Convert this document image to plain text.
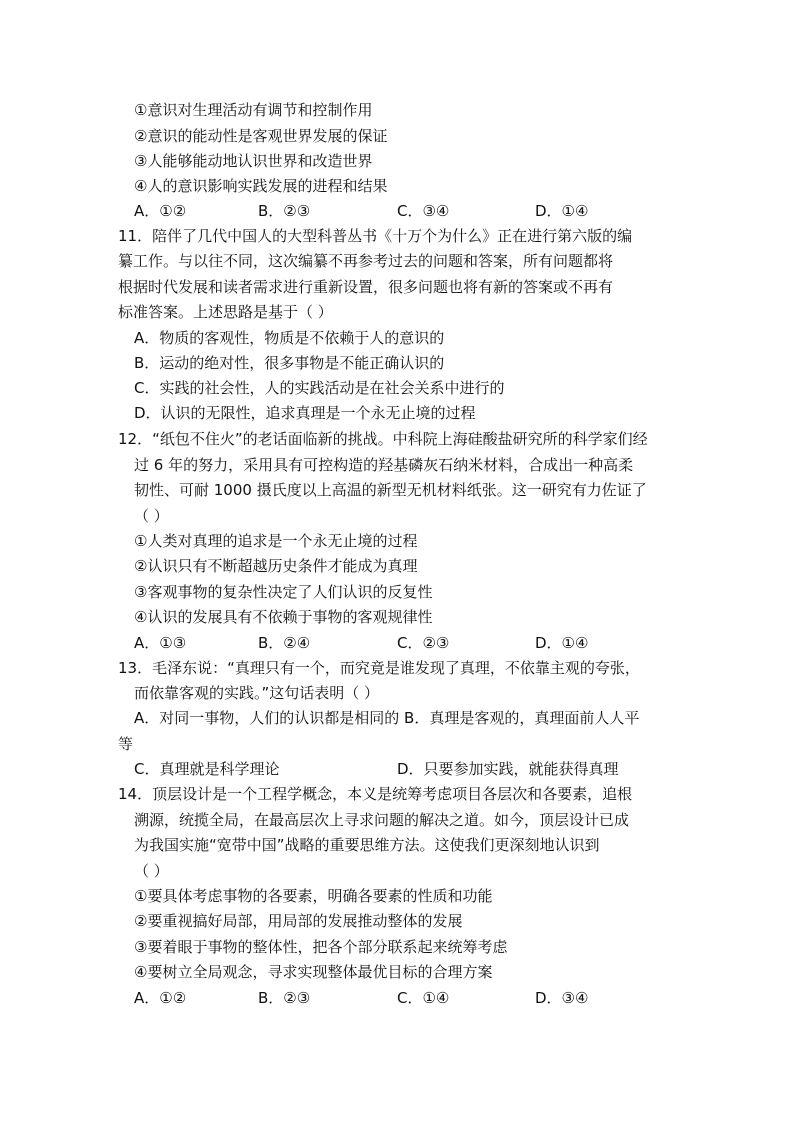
①意识对生理活动有调节和控制作用
②意识的能动性是客观世界发展的保证
③人能够能动地认识世界和改造世界
④人的意识影响实践发展的进程和结果
A．①②	B．②③	C．③④	D．①④
11．陪伴了几代中国人的大型科普丛书《十万个为什么》正在进行第六版的编
纂工作。与以往不同，这次编纂不再参考过去的问题和答案，所有问题都将
根据时代发展和读者需求进行重新设置，很多问题也将有新的答案或不再有
标准答案。上述思路是基于（ ）
A．物质的客观性，物质是不依赖于人的意识的
B．运动的绝对性，很多事物是不能正确认识的
C．实践的社会性，人的实践活动是在社会关系中进行的
D．认识的无限性，追求真理是一个永无止境的过程
12．“纸包不住火”的老话面临新的挑战。中科院上海硅酸盐研究所的科学家们经
过 6 年的努力，采用具有可控构造的羟基磷灰石纳米材料，合成出一种高柔
韧性、可耐 1000 摄氏度以上高温的新型无机材料纸张。这一研究有力佐证了
（ ）
①人类对真理的追求是一个永无止境的过程
②认识只有不断超越历史条件才能成为真理
③客观事物的复杂性决定了人们认识的反复性
④认识的发展具有不依赖于事物的客观规律性
A．①③	B．②④	C．②③	D．①④
13．毛泽东说：“真理只有一个，而究竟是谁发现了真理，不依靠主观的夸张，
而依靠客观的实践。”这句话表明（ ）
A．对同一事物，人们的认识都是相同的 B．真理是客观的，真理面前人人平
等
C．真理就是科学理论	D．只要参加实践，就能获得真理
14．顶层设计是一个工程学概念，本义是统筹考虑项目各层次和各要素，追根
溯源，统揽全局，在最高层次上寻求问题的解决之道。如今，顶层设计已成
为我国实施“宽带中国”战略的重要思维方法。这使我们更深刻地认识到
（ ）
①要具体考虑事物的各要素，明确各要素的性质和功能
②要重视搞好局部，用局部的发展推动整体的发展
③要着眼于事物的整体性，把各个部分联系起来统筹考虑
④要树立全局观念，寻求实现整体最优目标的合理方案
A．①②	B．②③	C．①④	D．③④
